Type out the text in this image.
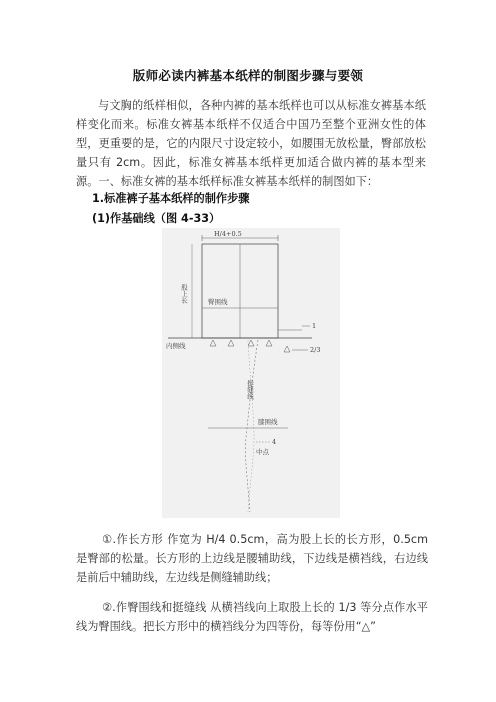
版师必读内裤基本纸样的制图步骤与要领
与文胸的纸样相似，各种内裤的基本纸样也可以从标准女裤基本纸样变化而来。标准女裤基本纸样不仅适合中国乃至整个亚洲女性的体型，更重要的是，它的内限尺寸设定较小，如腰围无放松量，臀部放松量只有 2cm。因此，标准女裤基本纸样更加适合做内裤的基本型来源。一、标准女裤的基本纸样标准女裤基本纸样的制图如下：
1.标准裤子基本纸样的制作步骤
(1)作基础线（图 4-33）
H/4+0.5
股上长	臀围线
内侧线
1
2/3
挺缝线
膝围线
4
中点
①.作长方形 作宽为 H/4 0.5cm，高为股上长的长方形，0.5cm 是臀部的松量。长方形的上边线是腰辅助线，下边线是横裆线，右边线是前后中辅助线，左边线是侧缝辅助线；
②.作臀围线和挺缝线 从横裆线向上取股上长的 1/3 等分点作水平线为臀围线。把长方形中的横裆线分为四等份，每等份用“△”
